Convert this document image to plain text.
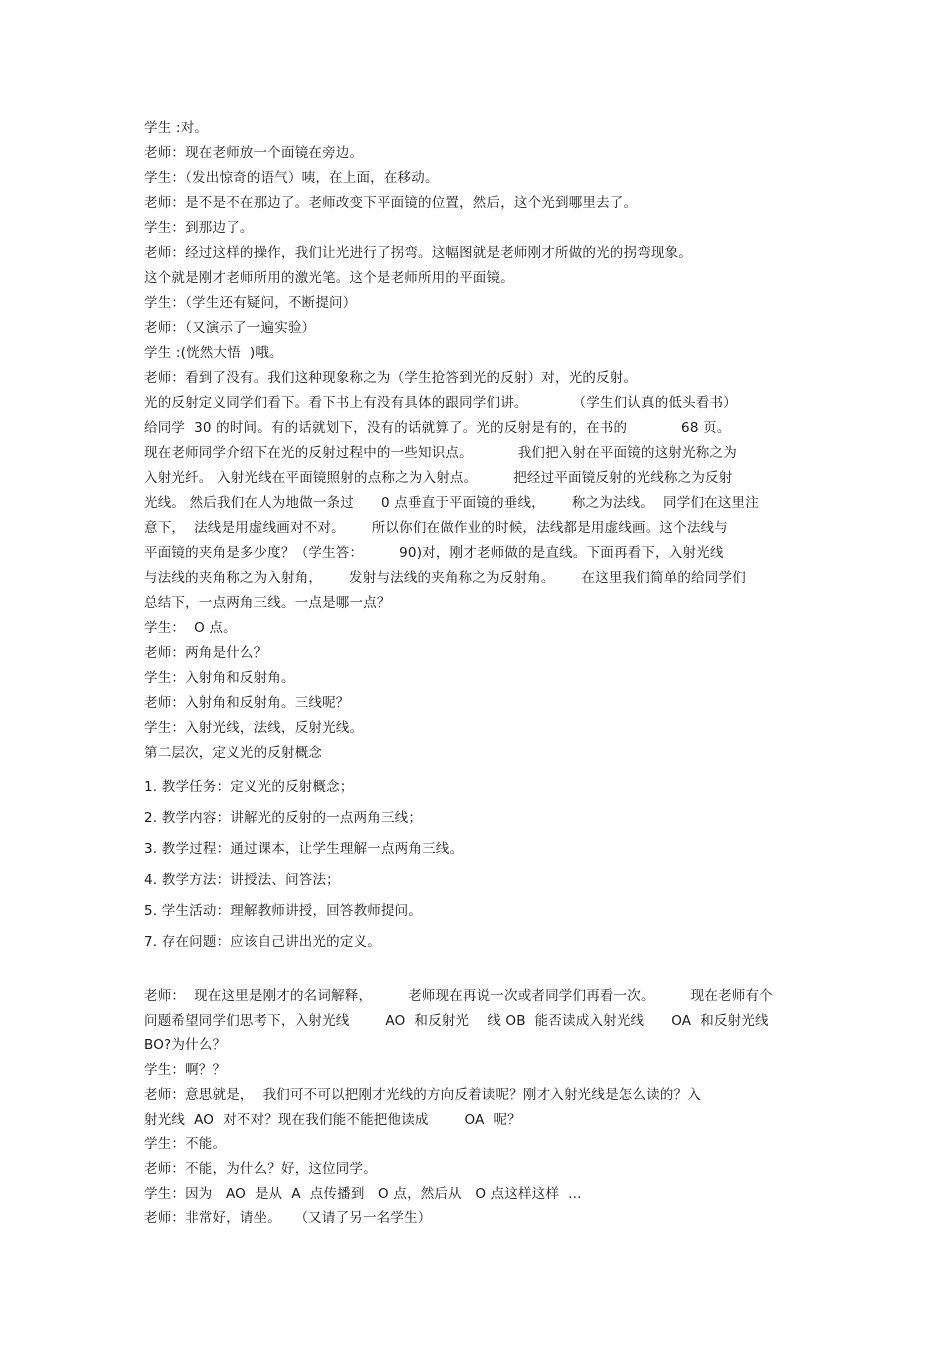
学生 :对。
老师：现在老师放一个面镜在旁边。
学生：（发出惊奇的语气）咦，在上面，在移动。
老师：是不是不在那边了。老师改变下平面镜的位置，然后，这个光到哪里去了。
学生：到那边了。
老师：经过这样的操作，我们让光进行了拐弯。这幅图就是老师刚才所做的光的拐弯现象。
这个就是刚才老师所用的激光笔。这个是老师所用的平面镜。
学生：（学生还有疑问，不断提问）
老师：（又演示了一遍实验）
学生 :(恍然大悟  )哦。
老师：看到了没有。我们这种现象称之为（学生抢答到光的反射）对，光的反射。
光的反射定义同学们看下。看下书上有没有具体的跟同学们讲。          （学生们认真的低头看书）
给同学  30 的时间。有的话就划下，没有的话就算了。光的反射是有的，在书的            68 页。
现在老师同学介绍下在光的反射过程中的一些知识点。          我们把入射在平面镜的这射光称之为
入射光纤。 入射光线在平面镜照射的点称之为入射点。        把经过平面镜反射的光线称之为反射
光线。 然后我们在人为地做一条过      0 点垂直于平面镜的垂线，      称之为法线。  同学们在这里注
意下，  法线是用虚线画对不对。      所以你们在做作业的时候，法线都是用虚线画。这个法线与
平面镜的夹角是多少度？（学生答：        90)对，刚才老师做的是直线。下面再看下，入射光线
与法线的夹角称之为入射角，      发射与法线的夹角称之为反射角。      在这里我们简单的给同学们
总结下，一点两角三线。一点是哪一点？
学生：  O 点。
老师：两角是什么？
学生：入射角和反射角。
老师：入射角和反射角。三线呢？
学生：入射光线，法线，反射光线。
第二层次，定义光的反射概念
1. 教学任务：定义光的反射概念；
2. 教学内容：讲解光的反射的一点两角三线；
3. 教学过程：通过课本，让学生理解一点两角三线。
4. 教学方法：讲授法、问答法；
5. 学生活动：理解教师讲授，回答教师提问。
7. 存在问题：应该自己讲出光的定义。
老师：  现在这里是刚才的名词解释，        老师现在再说一次或者同学们再看一次。        现在老师有个
问题希望同学们思考下，入射光线        AO  和反射光    线 OB  能否读成入射光线      OA  和反射光线
BO?为什么？
学生：啊？？
老师：意思就是，  我们可不可以把刚才光线的方向反着读呢？刚才入射光线是怎么读的？入
射光线  AO  对不对？现在我们能不能把他读成        OA  呢？
学生：不能。
老师：不能，为什么？好，这位同学。
学生：因为   AO  是从  A  点传播到   O 点，然后从   O 点这样这样  ...
老师：非常好，请坐。   （又请了另一名学生）
